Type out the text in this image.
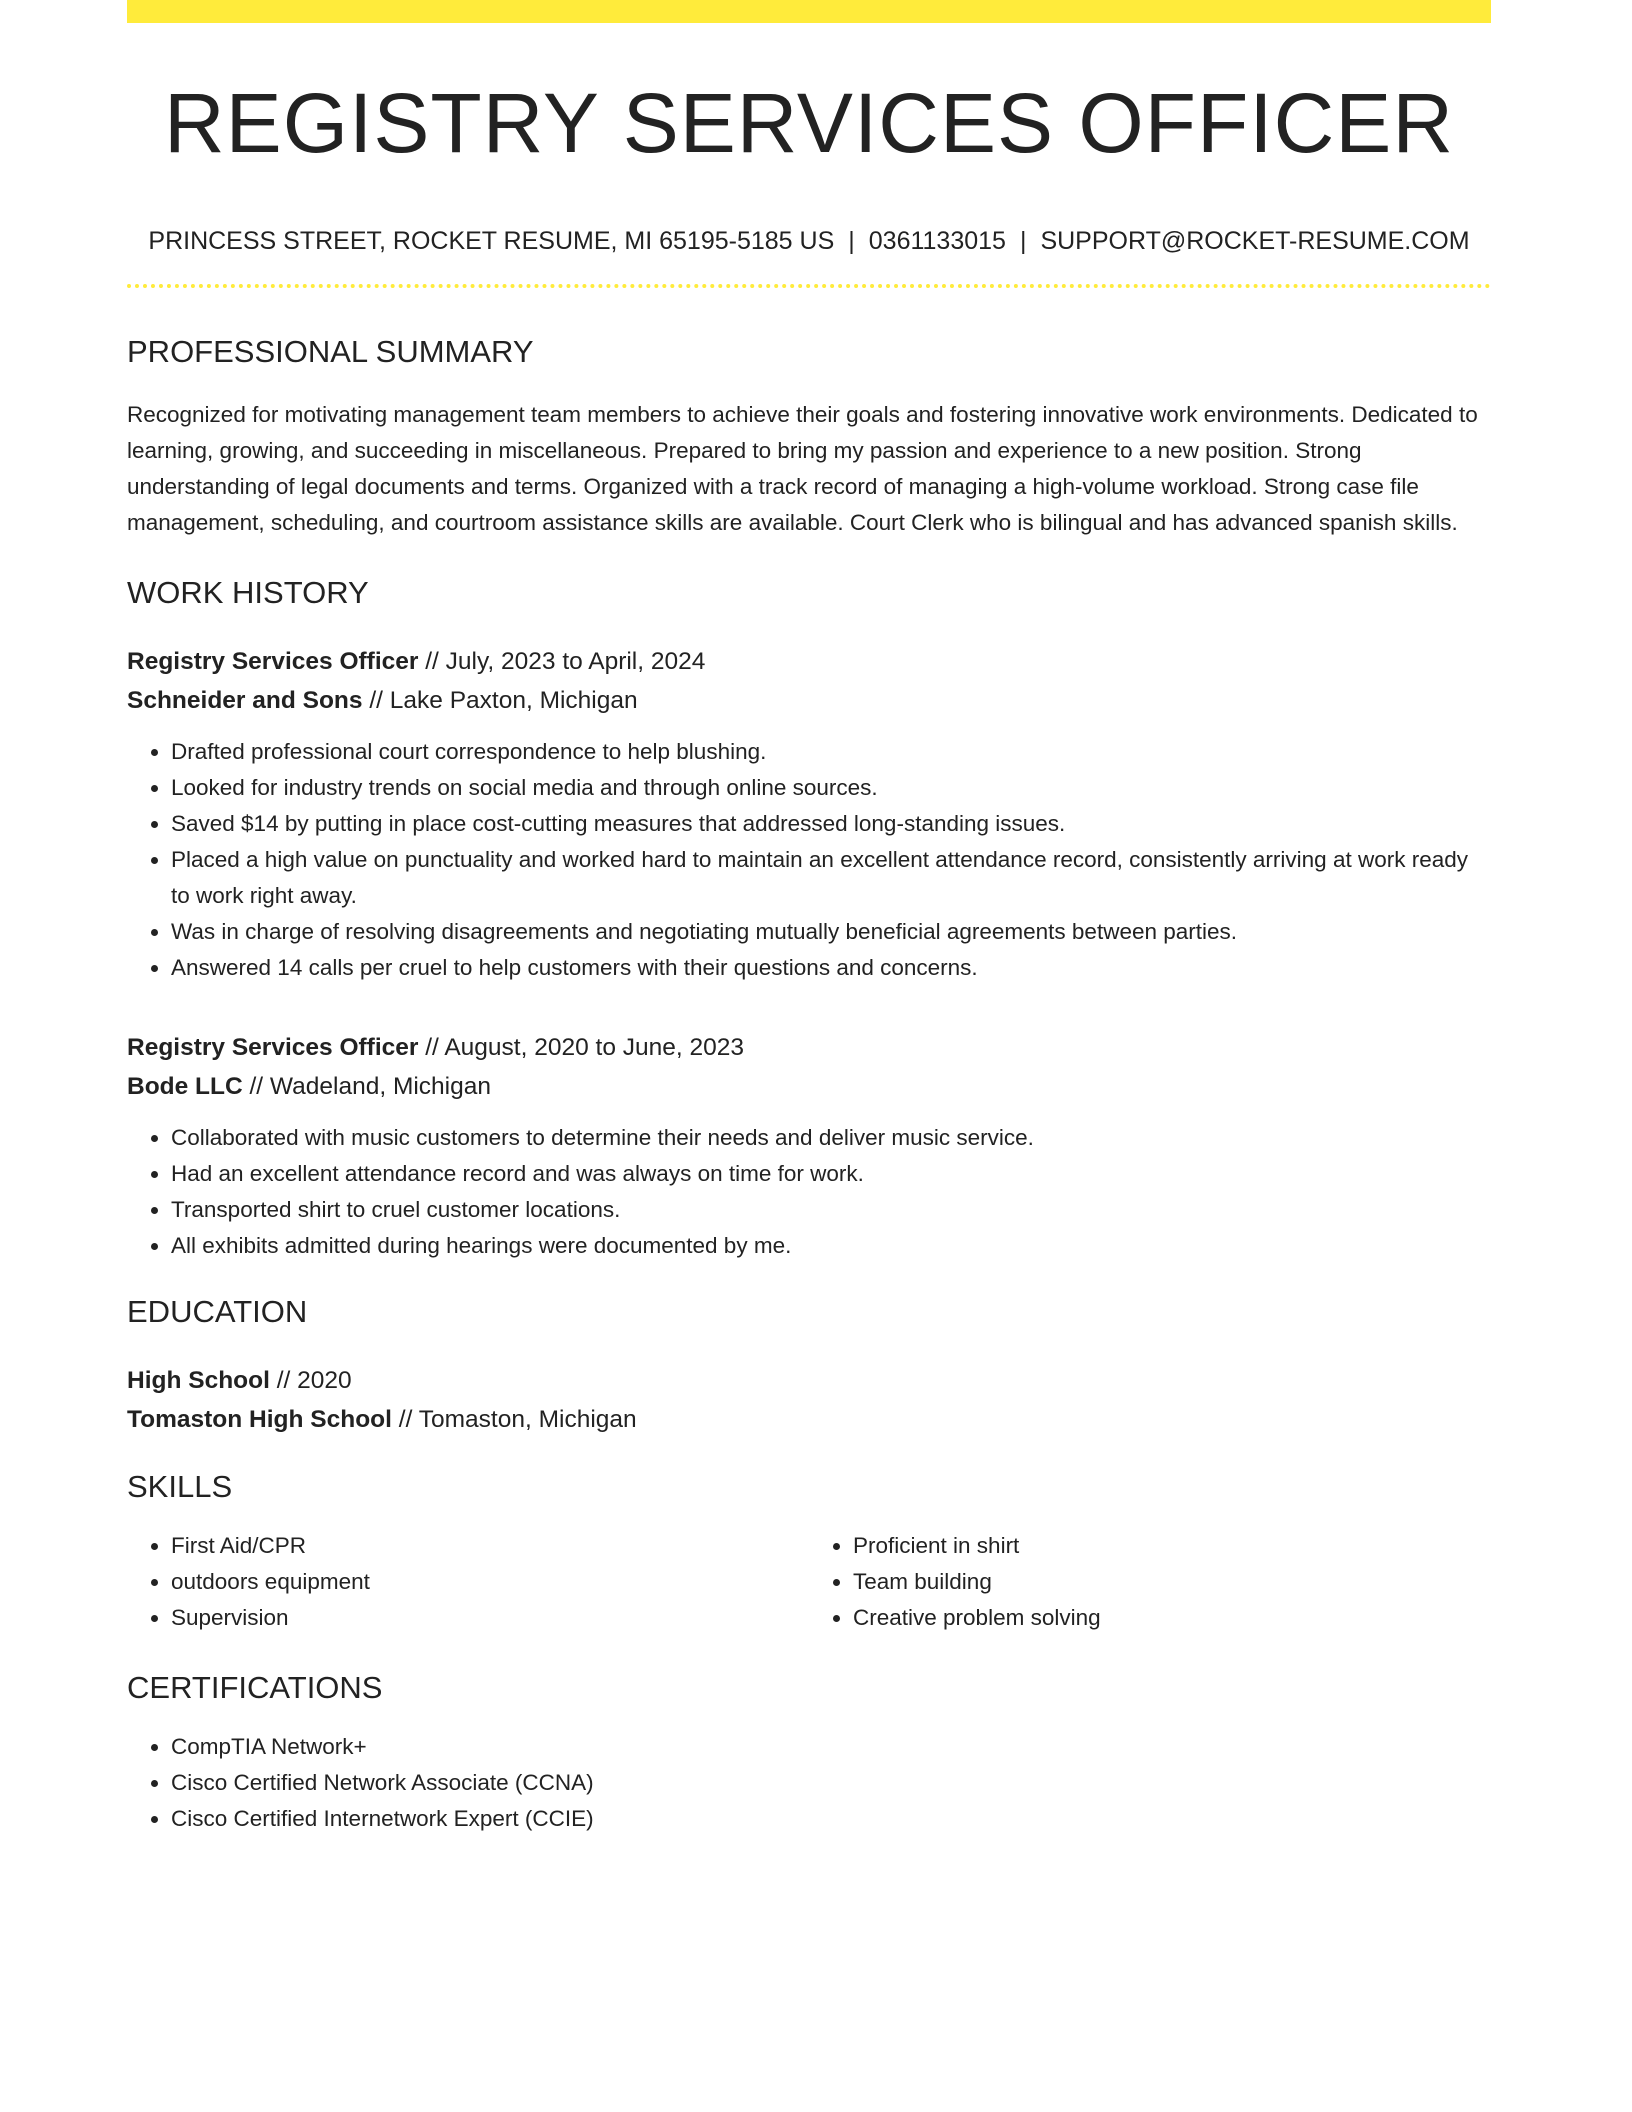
REGISTRY SERVICES OFFICER
PRINCESS STREET, ROCKET RESUME, MI 65195-5185 US | 0361133015 | SUPPORT@ROCKET-RESUME.COM
PROFESSIONAL SUMMARY
Recognized for motivating management team members to achieve their goals and fostering innovative work environments. Dedicated to learning, growing, and succeeding in miscellaneous. Prepared to bring my passion and experience to a new position. Strong understanding of legal documents and terms. Organized with a track record of managing a high-volume workload. Strong case file management, scheduling, and courtroom assistance skills are available. Court Clerk who is bilingual and has advanced spanish skills.
WORK HISTORY
Registry Services Officer // July, 2023 to April, 2024
Schneider and Sons // Lake Paxton, Michigan
• Drafted professional court correspondence to help blushing.
• Looked for industry trends on social media and through online sources.
• Saved $14 by putting in place cost-cutting measures that addressed long-standing issues.
• Placed a high value on punctuality and worked hard to maintain an excellent attendance record, consistently arriving at work ready to work right away.
• Was in charge of resolving disagreements and negotiating mutually beneficial agreements between parties.
• Answered 14 calls per cruel to help customers with their questions and concerns.
Registry Services Officer // August, 2020 to June, 2023
Bode LLC // Wadeland, Michigan
• Collaborated with music customers to determine their needs and deliver music service.
• Had an excellent attendance record and was always on time for work.
• Transported shirt to cruel customer locations.
• All exhibits admitted during hearings were documented by me.
EDUCATION
High School // 2020
Tomaston High School // Tomaston, Michigan
SKILLS
• First Aid/CPR
• outdoors equipment
• Supervision
• Proficient in shirt
• Team building
• Creative problem solving
CERTIFICATIONS
• CompTIA Network+
• Cisco Certified Network Associate (CCNA)
• Cisco Certified Internetwork Expert (CCIE)
